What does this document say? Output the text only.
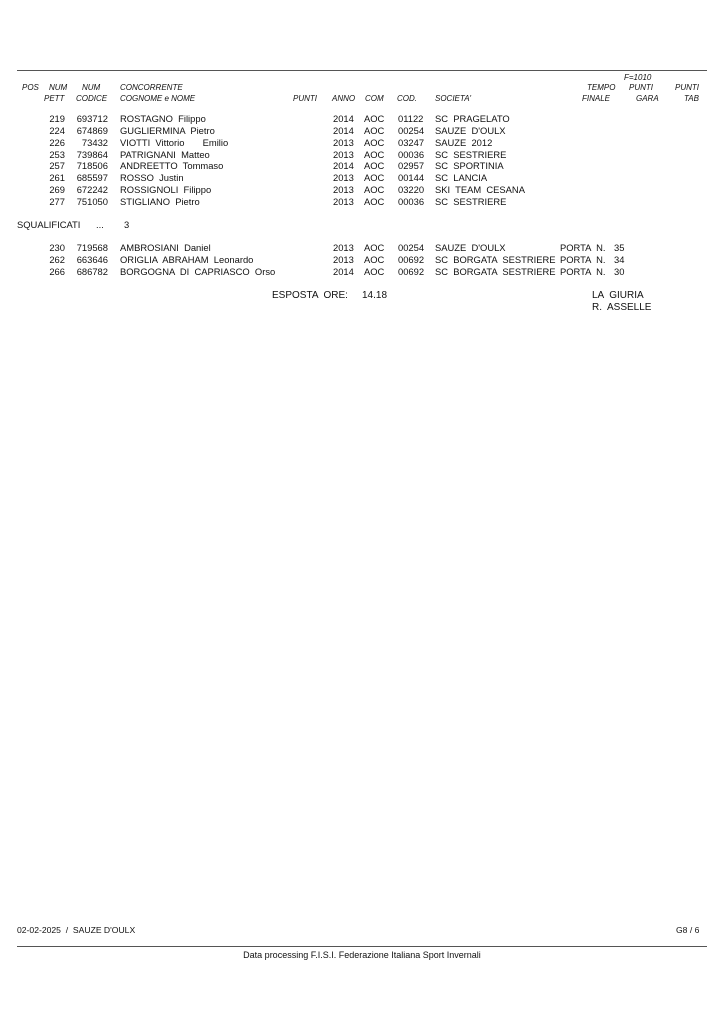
F=1010
POS NUM NUM CONCORRENTE	TEMPO PUNTI	PUNTI
PETT CODICE COGNOME e NOME	PUNTI ANNO COM COD. SOCIETA'	FINALE	GARA	TAB
219	693712 ROSTAGNO  Filippo	2014 AOC 01122 SC  PRAGELATO
224	674869 GUGLIERMINA  Pietro	2014 AOC 00254 SAUZE  D'OULX
226	73432 VIOTTI  Vittorio       Emilio	2013 AOC 03247 SAUZE  2012
253	739864 PATRIGNANI  Matteo	2013 AOC 00036 SC  SESTRIERE
257	718506 ANDREETTO  Tommaso	2014 AOC 02957 SC  SPORTINIA
261	685597 ROSSO  Justin	2013 AOC 00144 SC  LANCIA
269	672242 ROSSIGNOLI  Filippo	2013 AOC 03220 SKI  TEAM  CESANA
277	751050 STIGLIANO  Pietro	2013 AOC 00036 SC  SESTRIERE
SQUALIFICATI ... 3
230	719568 AMBROSIANI  Daniel	2013 AOC 00254 SAUZE  D'OULX	PORTA  N. 35
262	663646 ORIGLIA  ABRAHAM  Leonardo	2013 AOC 00692 SC  BORGATA  SESTRIERE PORTA  N. 34
266	686782 BORGOGNA  DI  CAPRIASCO  Orso	2014 AOC 00692 SC  BORGATA  SESTRIERE PORTA  N. 30
ESPOSTA  ORE: 14.18	LA  GIURIA
R.  ASSELLE
02-02-2025  /  SAUZE D'OULX	G8 / 6
Data processing F.I.S.I. Federazione Italiana Sport Invernali
